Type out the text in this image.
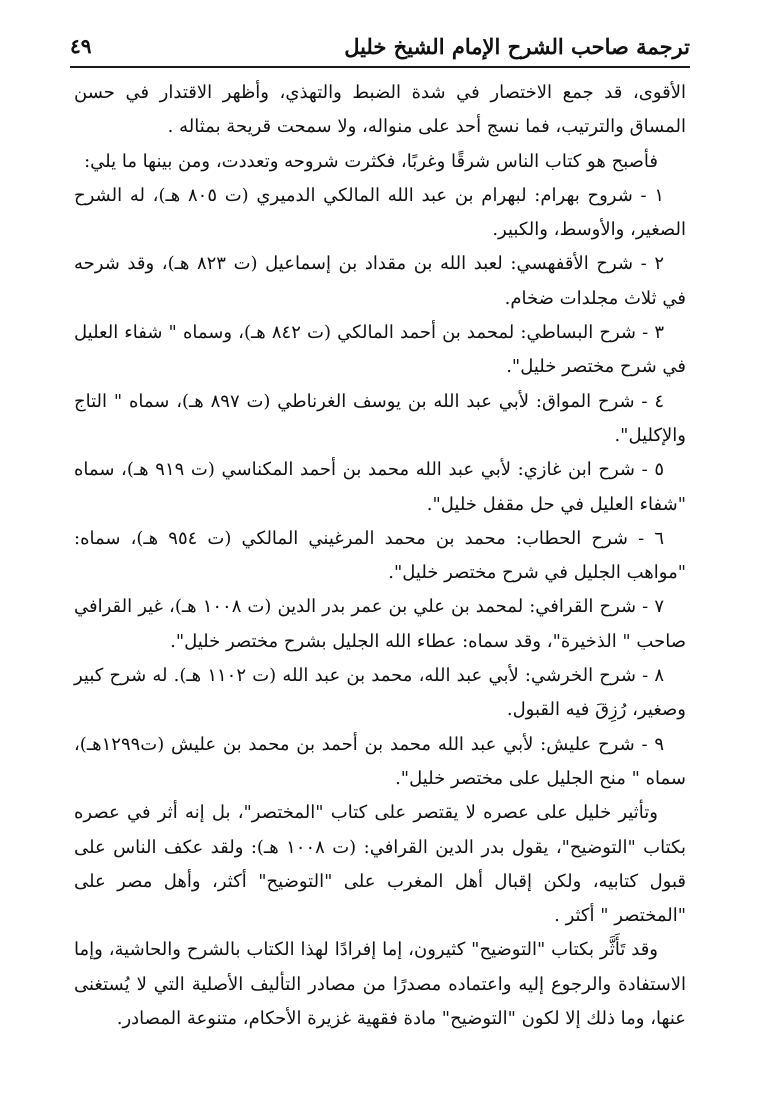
ترجمة صاحب الشرح الإمام الشيخ خليل
٤٩

الأقوى، قد جمع الاختصار في شدة الضبط والتهذي، وأظهر الاقتدار في حسن المساق والترتيب، فما نسج أحد على منواله، ولا سمحت قريحة بمثاله .

فأصبح هو كتاب الناس شرقًا وغربًا، فكثرت شروحه وتعددت، ومن بينها ما يلي:

١ - شروح بهرام: لبهرام بن عبد الله المالكي الدميري (ت ٨٠٥ هـ)، له الشرح الصغير، والأوسط، والكبير.

٢ - شرح الأقفهسي: لعبد الله بن مقداد بن إسماعيل (ت ٨٢٣ هـ)، وقد شرحه في ثلاث مجلدات ضخام.

٣ - شرح البساطي: لمحمد بن أحمد المالكي (ت ٨٤٢ هـ)، وسماه " شفاء العليل في شرح مختصر خليل".

٤ - شرح المواق: لأبي عبد الله بن يوسف الغرناطي (ت ٨٩٧ هـ)، سماه " التاج والإكليل".

٥ - شرح ابن غازي: لأبي عبد الله محمد بن أحمد المكناسي (ت ٩١٩ هـ)، سماه "شفاء العليل في حل مقفل خليل".

٦ - شرح الحطاب: محمد بن محمد المرغيني المالكي (ت ٩٥٤ هـ)، سماه: "مواهب الجليل في شرح مختصر خليل".

٧ - شرح القرافي: لمحمد بن علي بن عمر بدر الدين (ت ١٠٠٨ هـ)، غير القرافي صاحب " الذخيرة"، وقد سماه: عطاء الله الجليل بشرح مختصر خليل".

٨ - شرح الخرشي: لأبي عبد الله، محمد بن عبد الله (ت ١١٠٢ هـ). له شرح كبير وصغير، رُزِقَ فيه القبول.

٩ - شرح عليش: لأبي عبد الله محمد بن أحمد بن محمد بن عليش (ت١٢٩٩هـ)، سماه " منح الجليل على مختصر خليل".

وتأثير خليل على عصره لا يقتصر على كتاب "المختصر"، بل إنه أثر في عصره بكتاب "التوضيح"، يقول بدر الدين القرافي: (ت ١٠٠٨ هـ): ولقد عكف الناس على قبول كتابيه، ولكن إقبال أهل المغرب على "التوضيح" أكثر، وأهل مصر على "المختصر " أكثر .

وقد تَأَثَّر بكتاب "التوضيح" كثيرون، إما إفرادًا لهذا الكتاب بالشرح والحاشية، وإما الاستفادة والرجوع إليه واعتماده مصدرًا من مصادر التأليف الأصلية التي لا يُستغنى عنها، وما ذلك إلا لكون "التوضيح" مادة فقهية غزيرة الأحكام، متنوعة المصادر.
